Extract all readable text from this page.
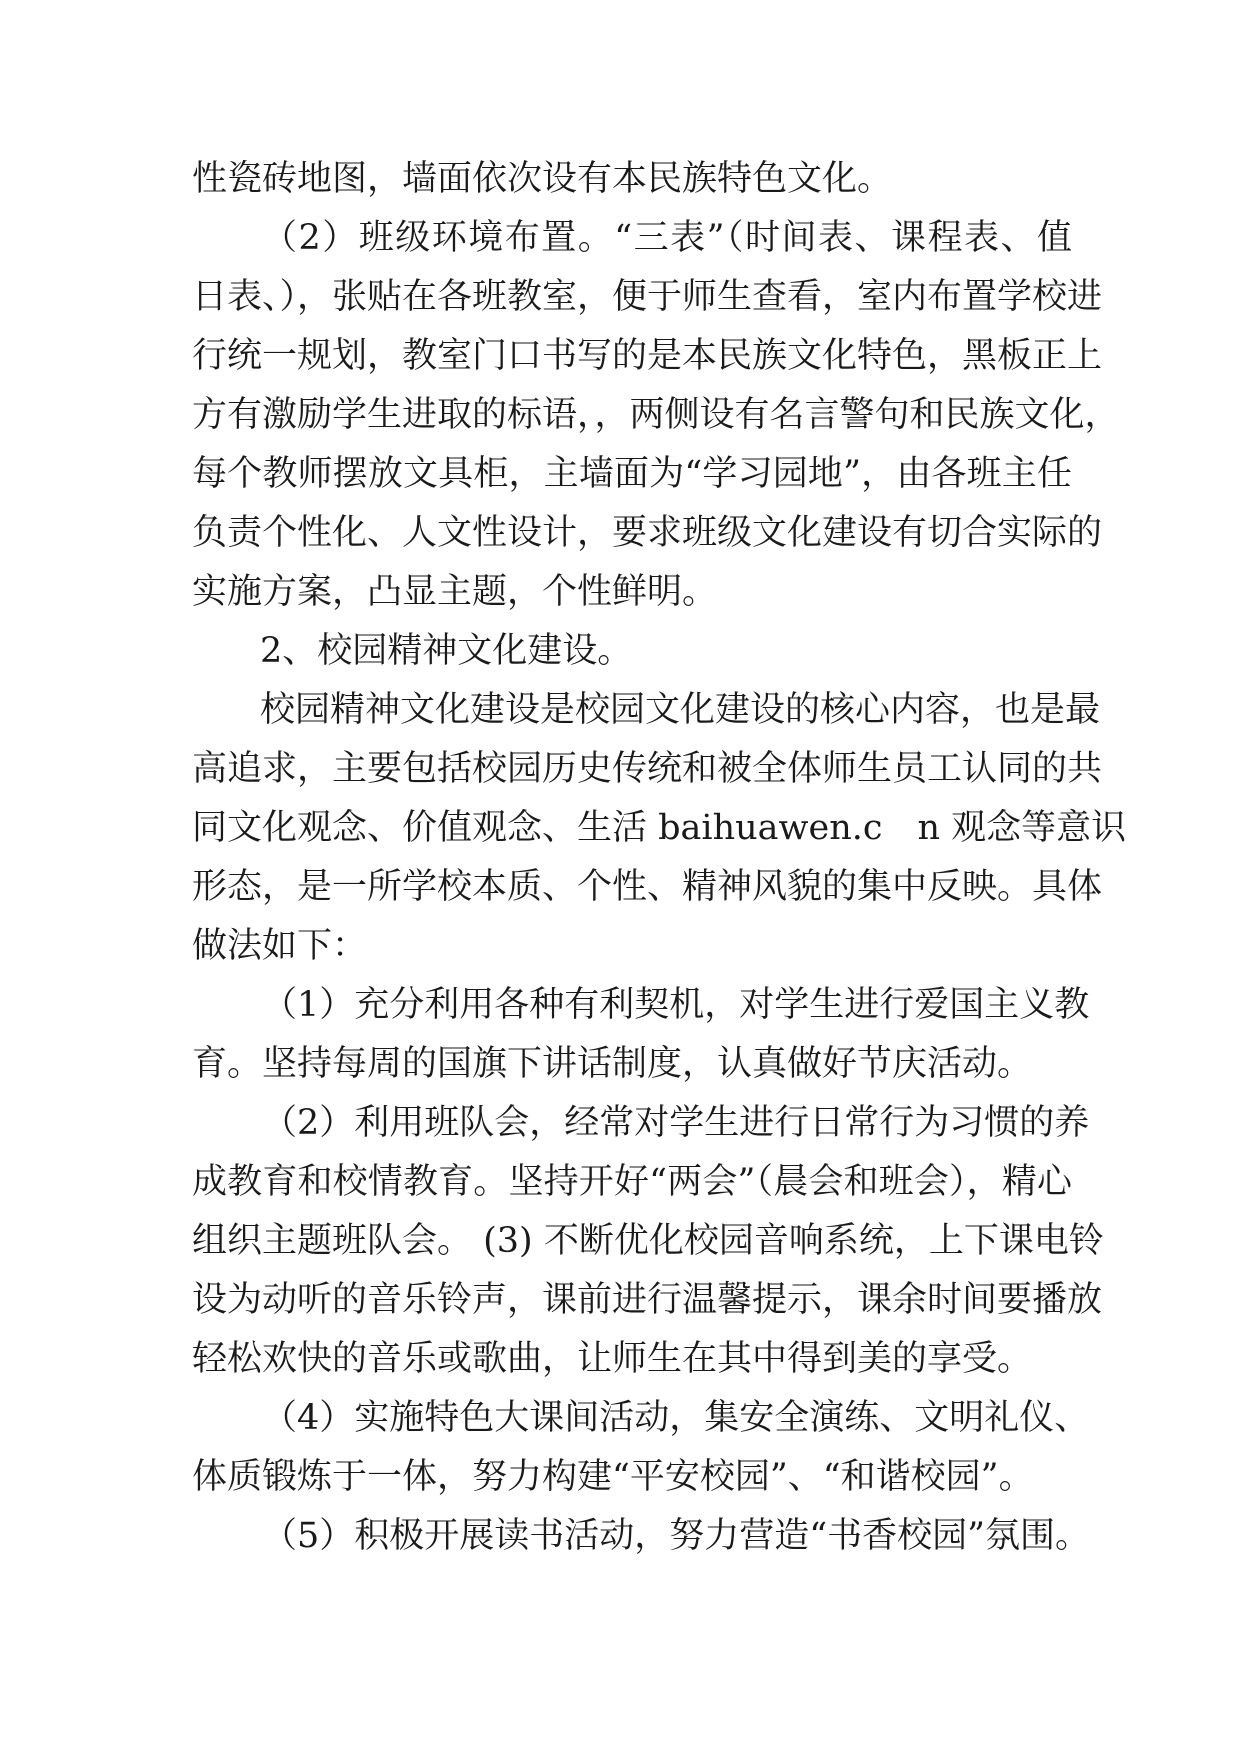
性瓷砖地图，墙面依次设有本民族特色文化。
（2）班级环境布置。“三表”（时间表、课程表、值
日表、），张贴在各班教室，便于师生查看，室内布置学校进
行统一规划，教室门口书写的是本民族文化特色，黑板正上
方有激励学生进取的标语，，两侧设有名言警句和民族文化，
每个教师摆放文具柜，主墙面为“学习园地”，由各班主任
负责个性化、人文性设计，要求班级文化建设有切合实际的
实施方案，凸显主题，个性鲜明。
2、校园精神文化建设。
校园精神文化建设是校园文化建设的核心内容，也是最
高追求，主要包括校园历史传统和被全体师生员工认同的共
同文化观念、价值观念、生活 baihuawen.c　n 观念等意识
形态，是一所学校本质、个性、精神风貌的集中反映。具体
做法如下：
（1）充分利用各种有利契机，对学生进行爱国主义教
育。坚持每周的国旗下讲话制度，认真做好节庆活动。
（2）利用班队会，经常对学生进行日常行为习惯的养
成教育和校情教育。坚持开好“两会”（晨会和班会），精心
组织主题班队会。 (3) 不断优化校园音响系统，上下课电铃
设为动听的音乐铃声，课前进行温馨提示，课余时间要播放
轻松欢快的音乐或歌曲，让师生在其中得到美的享受。
（4）实施特色大课间活动，集安全演练、文明礼仪、
体质锻炼于一体，努力构建“平安校园”、“和谐校园”。
（5）积极开展读书活动，努力营造“书香校园”氛围。
